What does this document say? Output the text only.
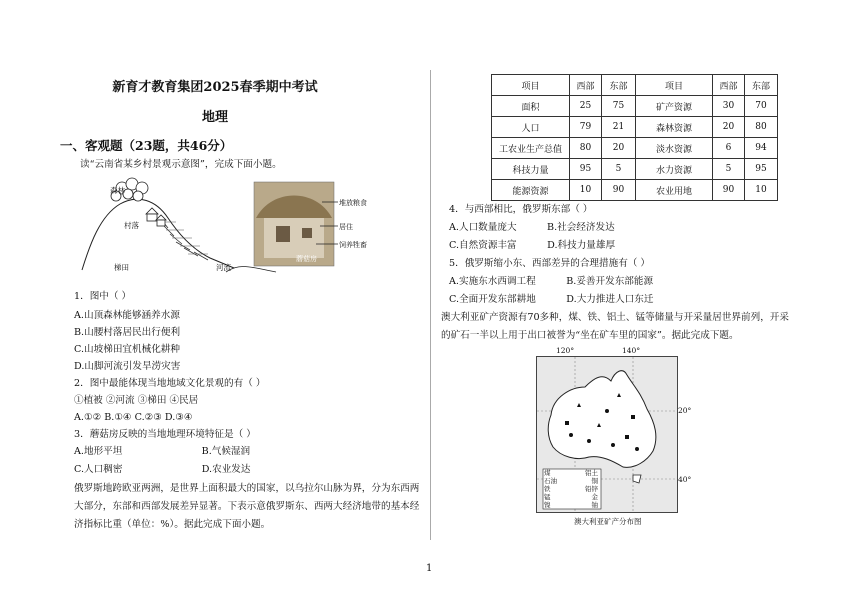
新育才教育集团2025春季期中考试
地理
一、客观题（23题，共46分）
读“云南省某乡村景观示意图”，完成下面小题。
森林
村落
梯田	河流
堆放粮食
居住
饲养牲畜
蘑菇房
1．图中（ ）
A.山顶森林能够涵养水源
B.山腰村落居民出行便利
C.山坡梯田宜机械化耕种
D.山脚河流引发旱涝灾害
2．图中最能体现当地地域文化景观的有（ ）
①植被 ②河流 ③梯田 ④民居
A.①② B.①④ C.②③ D.③④
3．蘑菇房反映的当地地理环境特征是（ ）
A.地形平坦                          B.气候湿润
C.人口稠密                          D.农业发达
俄罗斯地跨欧亚两洲，是世界上面积最大的国家，以乌拉尔山脉为界，分为东西两
大部分，东部和西部发展差异显著。下表示意俄罗斯东、西两大经济地带的基本经
济指标比重（单位：%）。据此完成下面小题。
项目	西部	东部	项目	西部	东部
面积	25	75	矿产资源	30	70
人口	79	21	森林资源	20	80
工农业生产总值	80	20	淡水资源	6	94
科技力量	95	5	水力资源	5	95
能源资源	10	90	农业用地	90	10
4．与西部相比，俄罗斯东部（ ）
A.人口数量庞大          B.社会经济发达
C.自然资源丰富          D.科技力量雄厚
5．俄罗斯缩小东、西部差异的合理措施有（ ）
A.实施东水西调工程          B.妥善开发东部能源
C.全面开发东部耕地          D.大力推进人口东迁
澳大利亚矿产资源有70多种，煤、铁、铝土、锰等储量与开采量居世界前列，开采
的矿石一半以上用于出口被誉为“坐在矿车里的国家”。据此完成下题。
120°	140°
20°
40°
煤	铝土
石油	铜
铁	铅锌
锰	金
镍	铀
澳大利亚矿产分布图
1
